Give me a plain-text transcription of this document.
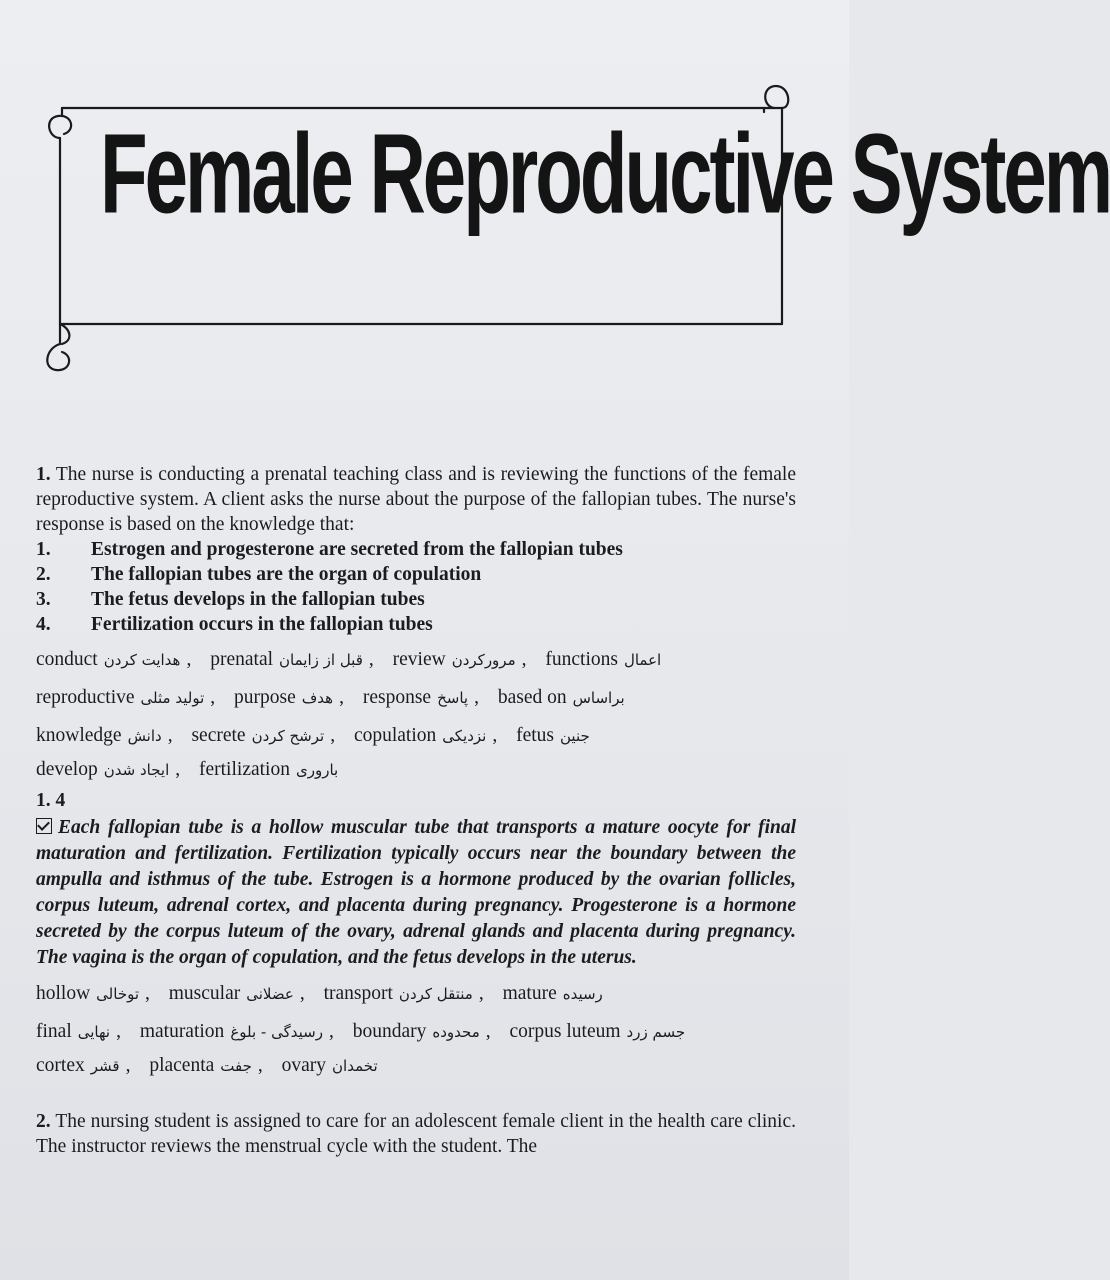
Female Reproductive System
1. The nurse is conducting a prenatal teaching class and is reviewing the functions of the female reproductive system. A client asks the nurse about the purpose of the fallopian tubes. The nurse's response is based on the knowledge that:
1.	Estrogen and progesterone are secreted from the fallopian tubes
2.	The fallopian tubes are the organ of copulation
3.	The fetus develops in the fallopian tubes
4.	Fertilization occurs in the fallopian tubes
conduct هدایت کردن , prenatal قبل از زایمان , review مرورکردن , functions اعمال
reproductive تولید مثلی , purpose هدف , response پاسخ , based on براساس
knowledge دانش , secrete ترشح کردن , copulation نزدیکی , fetus جنین
develop ایجاد شدن , fertilization باروری
1. 4
Each fallopian tube is a hollow muscular tube that transports a mature oocyte for final maturation and fertilization. Fertilization typically occurs near the boundary between the ampulla and isthmus of the tube. Estrogen is a hormone produced by the ovarian follicles, corpus luteum, adrenal cortex, and placenta during pregnancy. Progesterone is a hormone secreted by the corpus luteum of the ovary, adrenal glands and placenta during pregnancy. The vagina is the organ of copulation, and the fetus develops in the uterus.
hollow توخالی , muscular عضلانی , transport منتقل کردن , mature رسیده
final نهایی , maturation رسیدگی - بلوغ , boundary محدوده , corpus luteum جسم زرد
cortex قشر , placenta جفت , ovary تخمدان
2. The nursing student is assigned to care for an adolescent female client in the health care clinic. The instructor reviews the menstrual cycle with the student. The
